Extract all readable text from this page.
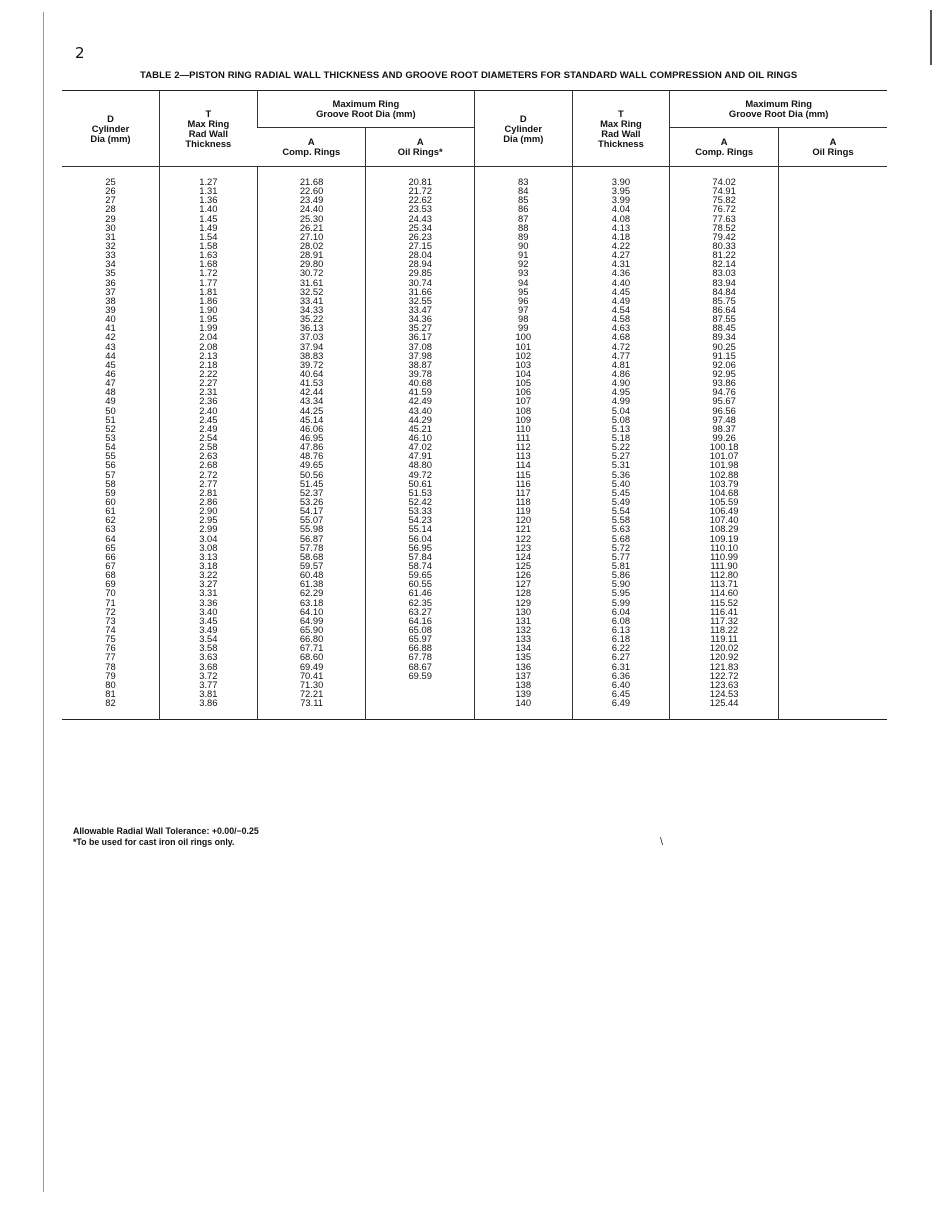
2
TABLE 2—PISTON RING RADIAL WALL THICKNESS AND GROOVE ROOT DIAMETERS FOR STANDARD WALL COMPRESSION AND OIL RINGS
D
Cylinder
Dia (mm)	T
Max Ring
Rad Wall
Thickness	Maximum Ring
Groove Root Dia (mm)		D
Cylinder
Dia (mm)	T
Max Ring
Rad Wall
Thickness	Maximum Ring
Groove Root Dia (mm)	
		A
Comp. Rings	A
Oil Rings*			A
Comp. Rings	A
Oil Rings
25	1.27	21.68	20.81	83	3.90	74.02	
26	1.31	22.60	21.72	84	3.95	74.91	
27	1.36	23.49	22.62	85	3.99	75.82	
28	1.40	24.40	23.53	86	4.04	76.72	
29	1.45	25.30	24.43	87	4.08	77.63	
30	1.49	26.21	25.34	88	4.13	78.52	
31	1.54	27.10	26.23	89	4.18	79.42	
32	1.58	28.02	27.15	90	4.22	80.33	
33	1.63	28.91	28.04	91	4.27	81.22	
34	1.68	29.80	28.94	92	4.31	82.14	
35	1.72	30.72	29.85	93	4.36	83.03	
36	1.77	31.61	30.74	94	4.40	83.94	
37	1.81	32.52	31.66	95	4.45	84.84	
38	1.86	33.41	32.55	96	4.49	85.75	
39	1.90	34.33	33.47	97	4.54	86.64	
40	1.95	35.22	34.36	98	4.58	87.55	
41	1.99	36.13	35.27	99	4.63	88.45	
42	2.04	37.03	36.17	100	4.68	89.34	
43	2.08	37.94	37.08	101	4.72	90.25	
44	2.13	38.83	37.98	102	4.77	91.15	
45	2.18	39.72	38.87	103	4.81	92.06	
46	2.22	40.64	39.78	104	4.86	92.95	
47	2.27	41.53	40.68	105	4.90	93.86	
48	2.31	42.44	41.59	106	4.95	94.76	
49	2.36	43.34	42.49	107	4.99	95.67	
50	2.40	44.25	43.40	108	5.04	96.56	
51	2.45	45.14	44.29	109	5.08	97.48	
52	2.49	46.06	45.21	110	5.13	98.37	
53	2.54	46.95	46.10	111	5.18	99.26	
54	2.58	47.86	47.02	112	5.22	100.18	
55	2.63	48.76	47.91	113	5.27	101.07	
56	2.68	49.65	48.80	114	5.31	101.98	
57	2.72	50.56	49.72	115	5.36	102.88	
58	2.77	51.45	50.61	116	5.40	103.79	
59	2.81	52.37	51.53	117	5.45	104.68	
60	2.86	53.26	52.42	118	5.49	105.59	
61	2.90	54.17	53.33	119	5.54	106.49	
62	2.95	55.07	54.23	120	5.58	107.40	
63	2.99	55.98	55.14	121	5.63	108.29	
64	3.04	56.87	56.04	122	5.68	109.19	
65	3.08	57.78	56.95	123	5.72	110.10	
66	3.13	58.68	57.84	124	5.77	110.99	
67	3.18	59.57	58.74	125	5.81	111.90	
68	3.22	60.48	59.65	126	5.86	112.80	
69	3.27	61.38	60.55	127	5.90	113.71	
70	3.31	62.29	61.46	128	5.95	114.60	
71	3.36	63.18	62.35	129	5.99	115.52	
72	3.40	64.10	63.27	130	6.04	116.41	
73	3.45	64.99	64.16	131	6.08	117.32	
74	3.49	65.90	65.08	132	6.13	118.22	
75	3.54	66.80	65.97	133	6.18	119.11	
76	3.58	67.71	66.88	134	6.22	120.02	
77	3.63	68.60	67.78	135	6.27	120.92	
78	3.68	69.49	68.67	136	6.31	121.83	
79	3.72	70.41	69.59	137	6.36	122.72	
80	3.77	71.30		138	6.40	123.63	
81	3.81	72.21		139	6.45	124.53	
82	3.86	73.11		140	6.49	125.44	
Allowable Radial Wall Tolerance: +0.00/−0.25
*To be used for cast iron oil rings only.	\
